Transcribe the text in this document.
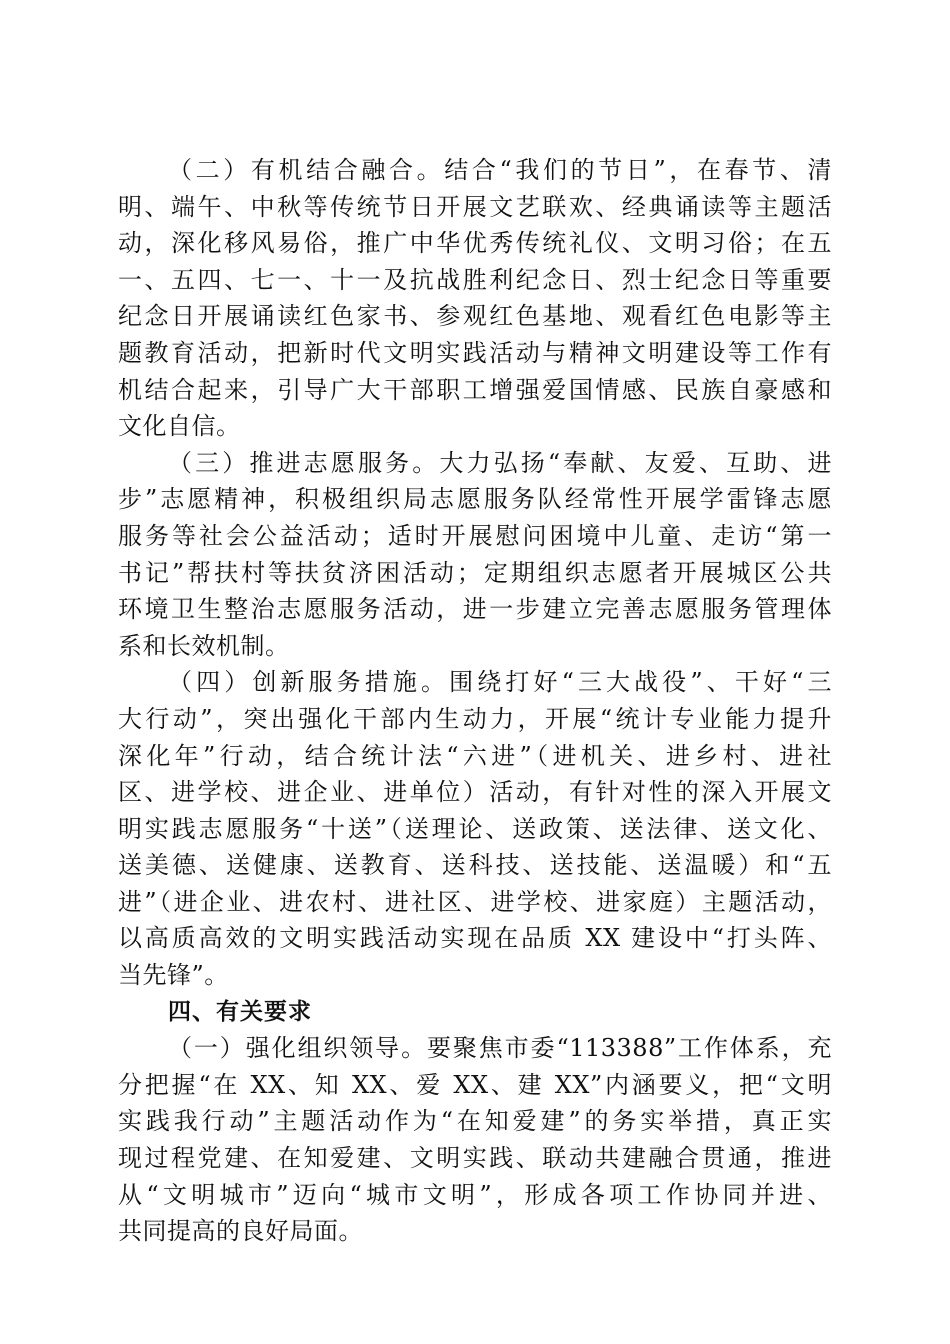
（二）有机结合融合。结合“我们的节日”，在春节、清
明、端午、中秋等传统节日开展文艺联欢、经典诵读等主题活
动，深化移风易俗，推广中华优秀传统礼仪、文明习俗；在五
一、五四、七一、十一及抗战胜利纪念日、烈士纪念日等重要
纪念日开展诵读红色家书、参观红色基地、观看红色电影等主
题教育活动，把新时代文明实践活动与精神文明建设等工作有
机结合起来，引导广大干部职工增强爱国情感、民族自豪感和
文化自信。
（三）推进志愿服务。大力弘扬“奉献、友爱、互助、进
步”志愿精神，积极组织局志愿服务队经常性开展学雷锋志愿
服务等社会公益活动；适时开展慰问困境中儿童、走访“第一
书记”帮扶村等扶贫济困活动；定期组织志愿者开展城区公共
环境卫生整治志愿服务活动，进一步建立完善志愿服务管理体
系和长效机制。
（四）创新服务措施。围绕打好“三大战役”、干好“三
大行动”，突出强化干部内生动力，开展“统计专业能力提升
深化年”行动，结合统计法“六进”（进机关、进乡村、进社
区、进学校、进企业、进单位）活动，有针对性的深入开展文
明实践志愿服务“十送”（送理论、送政策、送法律、送文化、
送美德、送健康、送教育、送科技、送技能、送温暖）和“五
进”（进企业、进农村、进社区、进学校、进家庭）主题活动，
以高质高效的文明实践活动实现在品质 XX 建设中“打头阵、
当先锋”。
四、有关要求
（一）强化组织领导。要聚焦市委“113388”工作体系，充
分把握“在 XX、知 XX、爱 XX、建 XX”内涵要义，把“文明
实践我行动”主题活动作为“在知爱建”的务实举措，真正实
现过程党建、在知爱建、文明实践、联动共建融合贯通，推进
从“文明城市”迈向“城市文明”，形成各项工作协同并进、
共同提高的良好局面。
